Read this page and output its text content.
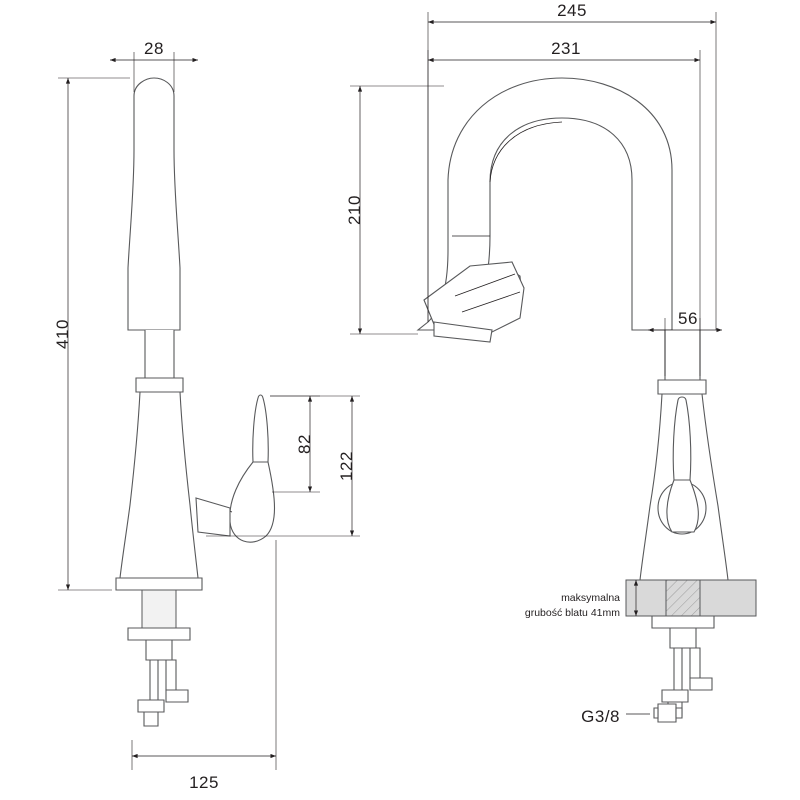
28
410
82
122
125
245
231
210
56
maksymalna
grubość blatu 41mm
G3/8
